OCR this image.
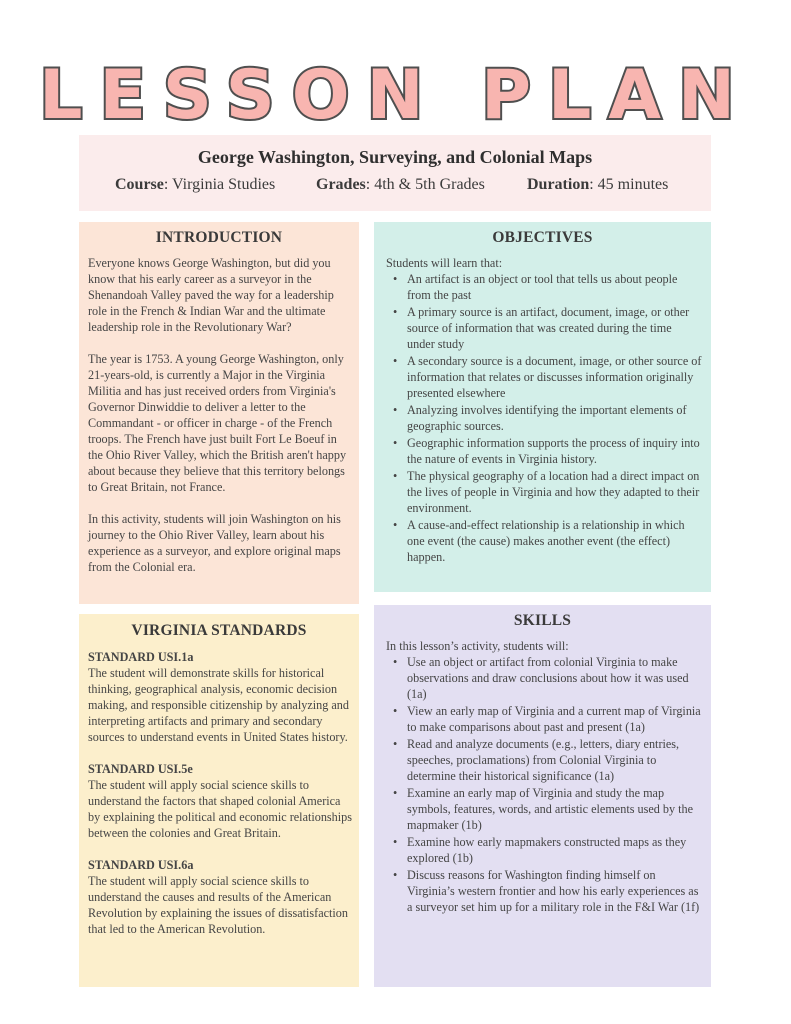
LESSON PLAN
George Washington, Surveying, and Colonial Maps
Course: Virginia Studies	Grades: 4th & 5th Grades	Duration: 45 minutes
INTRODUCTION

Everyone knows George Washington, but did you know that his early career as a surveyor in the Shenandoah Valley paved the way for a leadership role in the French & Indian War and the ultimate leadership role in the Revolutionary War?

The year is 1753. A young George Washington, only 21-years-old, is currently a Major in the Virginia Militia and has just received orders from Virginia's Governor Dinwiddie to deliver a letter to the Commandant - or officer in charge - of the French troops. The French have just built Fort Le Boeuf in the Ohio River Valley, which the British aren't happy about because they believe that this territory belongs to Great Britain, not France.

In this activity, students will join Washington on his journey to the Ohio River Valley, learn about his experience as a surveyor, and explore original maps from the Colonial era.

OBJECTIVES
Students will learn that:
• An artifact is an object or tool that tells us about people from the past
• A primary source is an artifact, document, image, or other source of information that was created during the time under study
• A secondary source is a document, image, or other source of information that relates or discusses information originally presented elsewhere
• Analyzing involves identifying the important elements of geographic sources.
• Geographic information supports the process of inquiry into the nature of events in Virginia history.
• The physical geography of a location had a direct impact on the lives of people in Virginia and how they adapted to their environment.
• A cause-and-effect relationship is a relationship in which one event (the cause) makes another event (the effect) happen.
VIRGINIA STANDARDS
STANDARD USI.1a
The student will demonstrate skills for historical thinking, geographical analysis, economic decision making, and responsible citizenship by analyzing and interpreting artifacts and primary and secondary sources to understand events in United States history.
STANDARD USI.5e
The student will apply social science skills to understand the factors that shaped colonial America by explaining the political and economic relationships between the colonies and Great Britain.
STANDARD USI.6a
The student will apply social science skills to understand the causes and results of the American Revolution by explaining the issues of dissatisfaction that led to the American Revolution.
SKILLS
In this lesson’s activity, students will:
• Use an object or artifact from colonial Virginia to make observations and draw conclusions about how it was used (1a)
• View an early map of Virginia and a current map of Virginia to make comparisons about past and present (1a)
• Read and analyze documents (e.g., letters, diary entries, speeches, proclamations) from Colonial Virginia to determine their historical significance (1a)
• Examine an early map of Virginia and study the map symbols, features, words, and artistic elements used by the mapmaker (1b)
• Examine how early mapmakers constructed maps as they explored (1b)
• Discuss reasons for Washington finding himself on Virginia’s western frontier and how his early experiences as a surveyor set him up for a military role in the F&I War (1f)
